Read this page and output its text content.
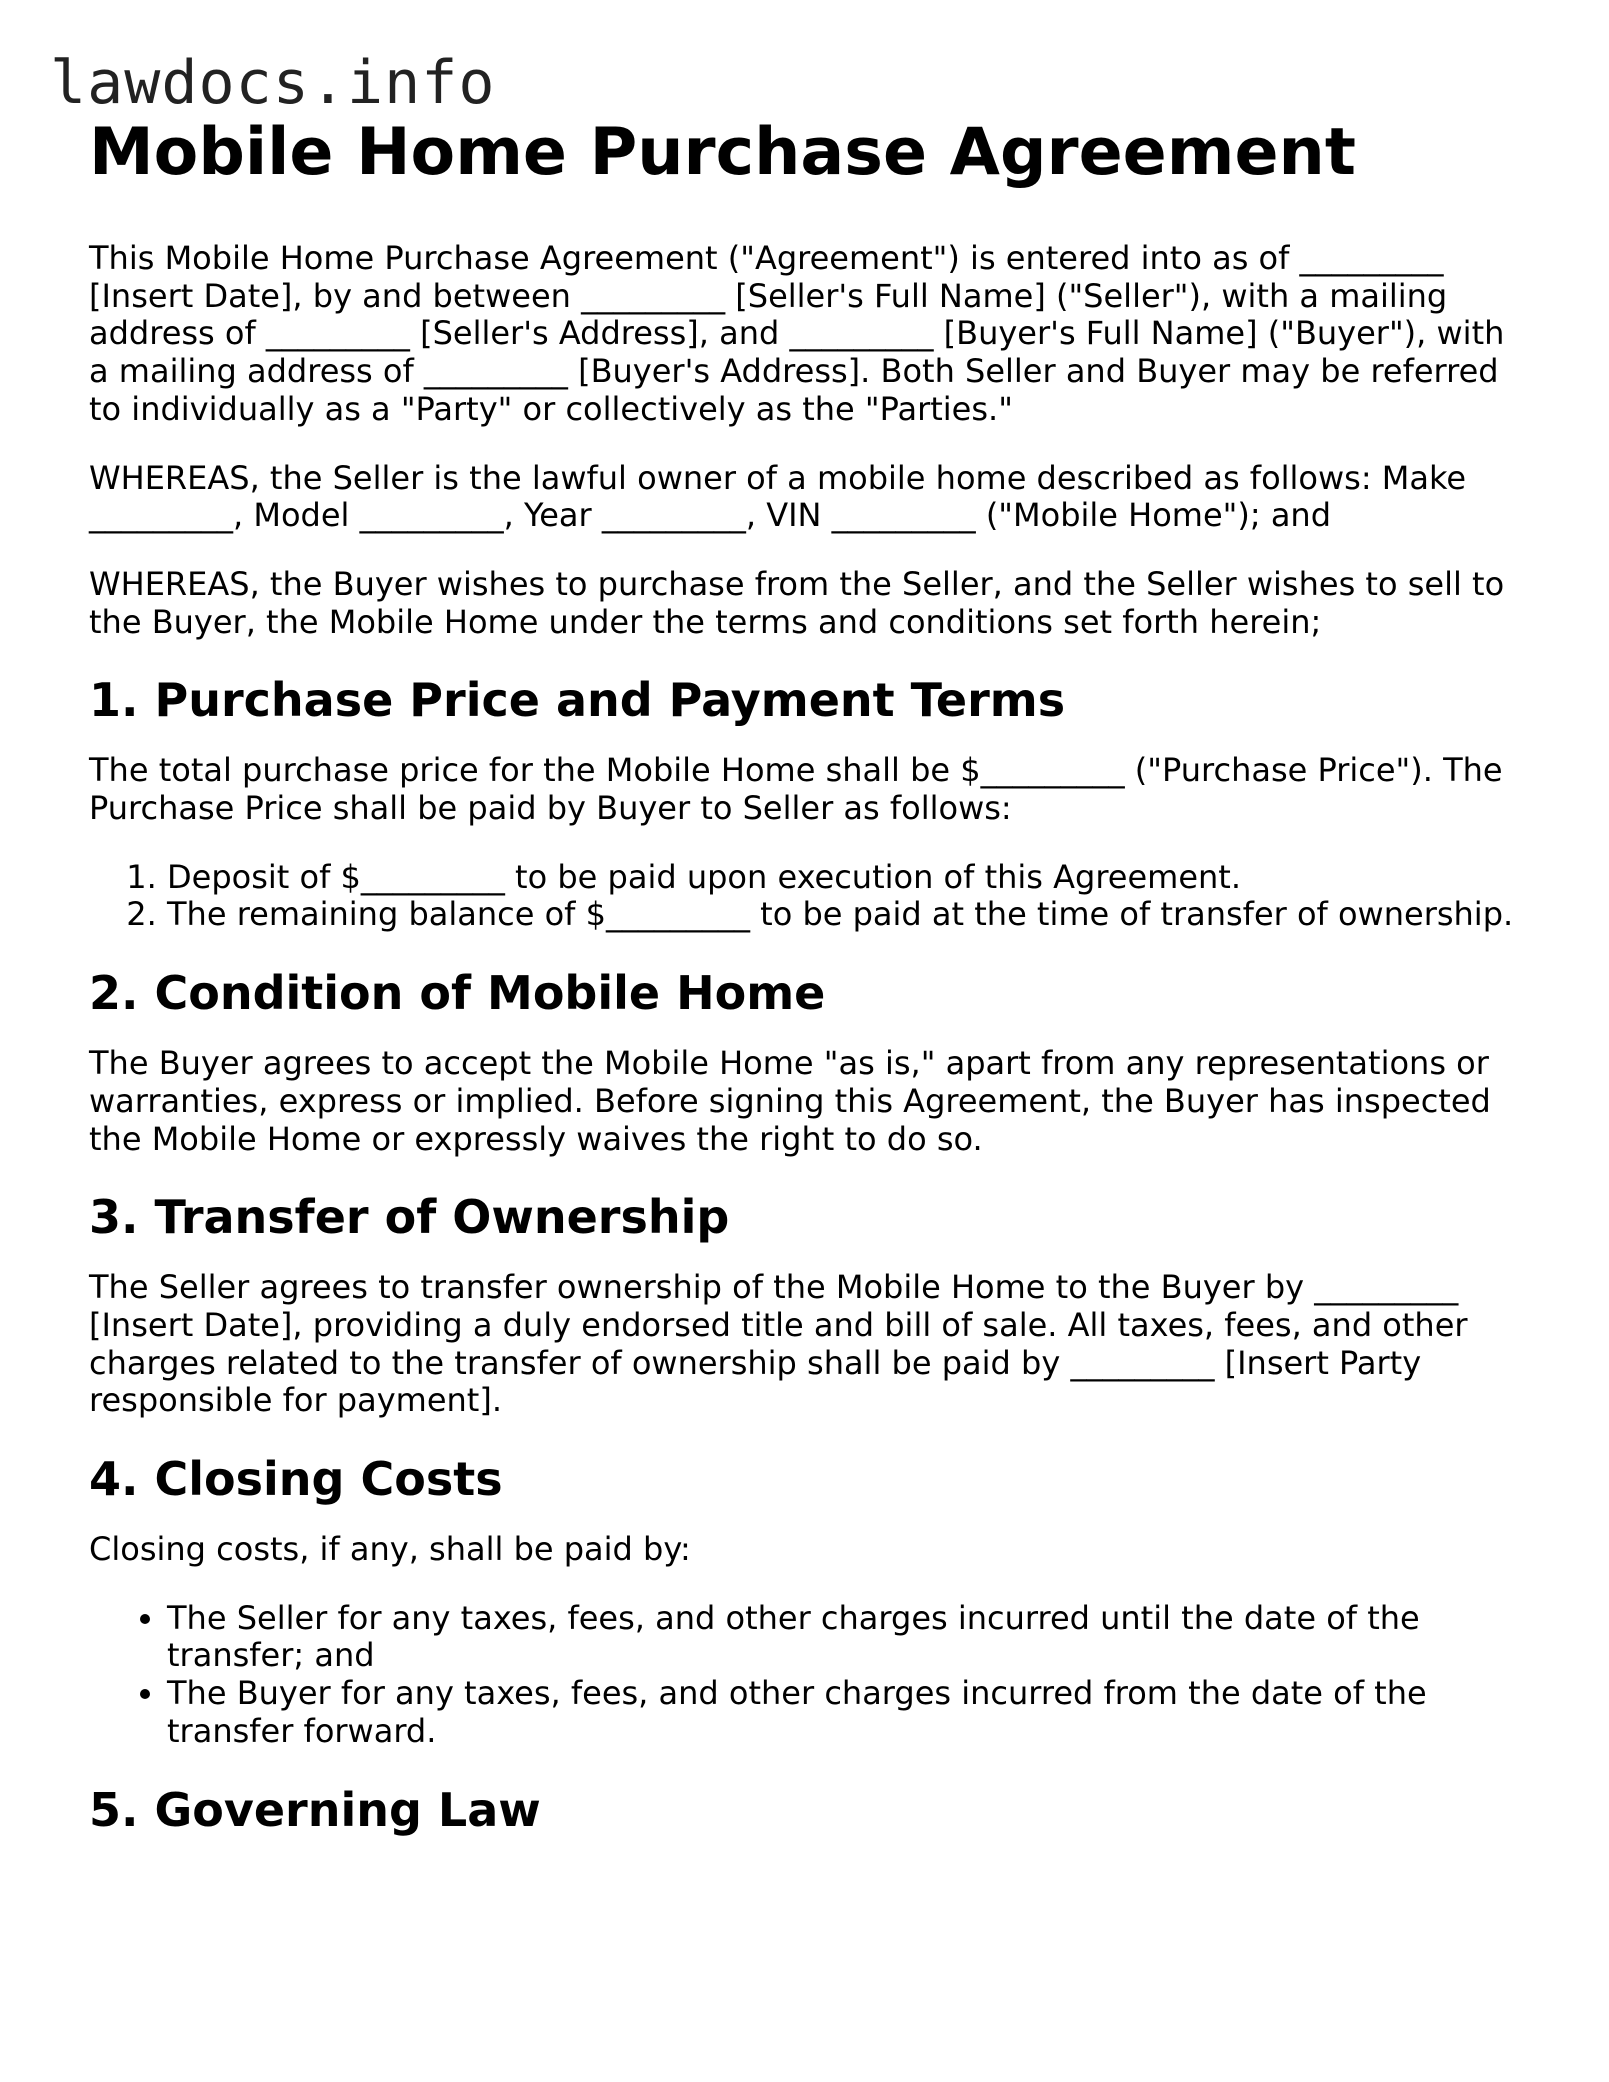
lawdocs.info
Mobile Home Purchase Agreement

This Mobile Home Purchase Agreement ("Agreement") is entered into as of _________ [Insert Date], by and between _________ [Seller's Full Name] ("Seller"), with a mailing address of _________ [Seller's Address], and _________ [Buyer's Full Name] ("Buyer"), with a mailing address of _________ [Buyer's Address]. Both Seller and Buyer may be referred to individually as a "Party" or collectively as the "Parties."

WHEREAS, the Seller is the lawful owner of a mobile home described as follows: Make _________, Model _________, Year _________, VIN _________ ("Mobile Home"); and

WHEREAS, the Buyer wishes to purchase from the Seller, and the Seller wishes to sell to the Buyer, the Mobile Home under the terms and conditions set forth herein;

1. Purchase Price and Payment Terms

The total purchase price for the Mobile Home shall be $_________ ("Purchase Price"). The Purchase Price shall be paid by Buyer to Seller as follows:

1. Deposit of $_________ to be paid upon execution of this Agreement.
2. The remaining balance of $_________ to be paid at the time of transfer of ownership.
2. Condition of Mobile Home

The Buyer agrees to accept the Mobile Home "as is," apart from any representations or warranties, express or implied. Before signing this Agreement, the Buyer has inspected the Mobile Home or expressly waives the right to do so.

3. Transfer of Ownership

The Seller agrees to transfer ownership of the Mobile Home to the Buyer by _________ [Insert Date], providing a duly endorsed title and bill of sale. All taxes, fees, and other charges related to the transfer of ownership shall be paid by _________ [Insert Party responsible for payment].

4. Closing Costs

Closing costs, if any, shall be paid by:

• The Seller for any taxes, fees, and other charges incurred until the date of the transfer; and
• The Buyer for any taxes, fees, and other charges incurred from the date of the transfer forward.
5. Governing Law
